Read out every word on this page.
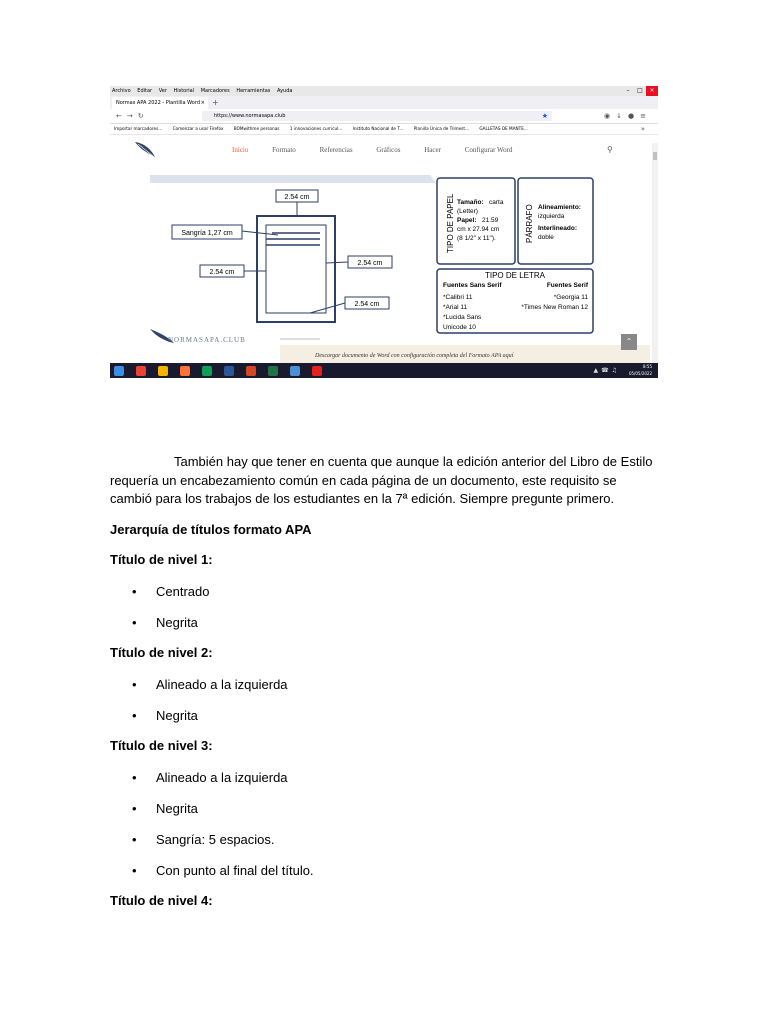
Archivo Editar Ver Historial Marcadores Herramientas Ayuda	–	□	×
Normas APA 2022 - Plantilla Word × +
←→↻	https://www.normasapa.club	★	◉↓●≡
Importar marcadores... Comenzar a usar Firefox BOMwithme personas 1 innovaciones curricul... Instituto Nacional de T... Planilla Única de Trimest... GALLETAS DE MANTE...	»
Inicio	Formato	Referencias	Gráficos	Hacer	Configurar Word	⚲
2.54 cm
Sangría 1,27 cm
2.54 cm
2.54 cm
2.54 cm
TIPO DE PAPEL Tamaño: carta
(Letter)
Papel: 21.59
cm x 27.94 cm
(8 1/2" x 11").	PÁRRAFO Alineamiento:
izquierda
Interlineado:
doble
TIPO DE LETRA
Fuentes Sans Serif	Fuentes Serif
*Calibri 11
*Arial 11
*Lucida Sans
Unicode 10
*Georgia 11
*Times New Roman 12
NORMASAPA.CLUB
Descargar documento de Word con configuración completa del Formato APA aquí
⌃
▲☎♫
8:55
05/05/2022
También hay que tener en cuenta que aunque la edición anterior del Libro de Estilo
requería un encabezamiento común en cada página de un documento, este requisito se
cambió para los trabajos de los estudiantes en la 7ª edición. Siempre pregunte primero.
Jerarquía de títulos formato APA
Título de nivel 1:
• Centrado
• Negrita
Título de nivel 2:
• Alineado a la izquierda
• Negrita
Título de nivel 3:
• Alineado a la izquierda
• Negrita
• Sangría: 5 espacios.
• Con punto al final del título.
Título de nivel 4:
